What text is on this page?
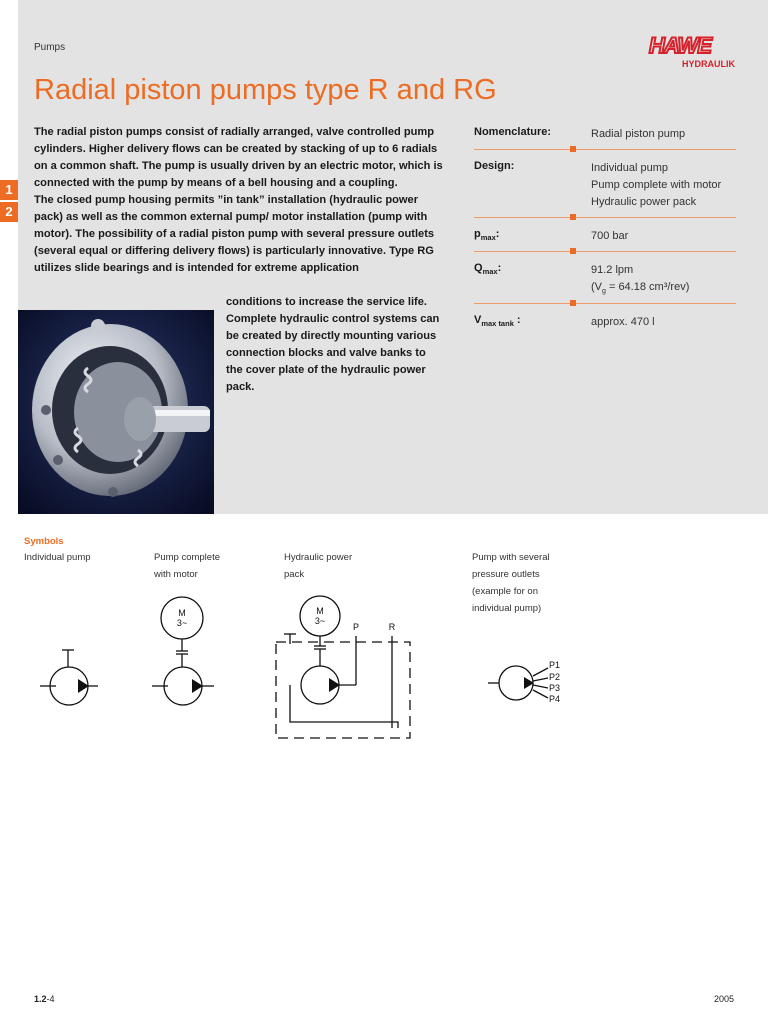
Pumps	HAWE
HYDRAULIK
Radial piston pumps type R and RG
1
2
The radial piston pumps consist of radially arranged, valve controlled pump cylinders. Higher delivery flows can be created by stacking of up to 6 radials on a common shaft. The pump is usually driven by an electric motor, which is connected with the pump by means of a bell housing and a coupling.
The closed pump housing permits ”in tank” installation (hydraulic power pack) as well as the common external pump/ motor installation (pump with motor). The possibility of a radial piston pump with several pressure outlets (several equal or differing delivery flows) is particularly innovative. Type RG utilizes slide bearings and is intended for extreme application
conditions to increase the service life. Complete hydraulic control systems can be created by directly mounting various connection blocks and valve banks to the cover plate of the hydraulic power pack.
Nomenclature:	Radial piston pump
Design:	Individual pump
Pump complete with motor
Hydraulic power pack
$p_{max}$:	700 bar
$Q_{max}$:	91.2 lpm
($V_g = 64.18$ cm³/rev)
$V_{max tank}$ :	approx. 470 l
Symbols
Individual pump	Pump complete
with motor
Hydraulic power
pack
Pump with several
pressure outlets
(example for on
individual pump)
M
3~
M
3~
P	R
P1
P2
P3
P4
1.2-4	2005
